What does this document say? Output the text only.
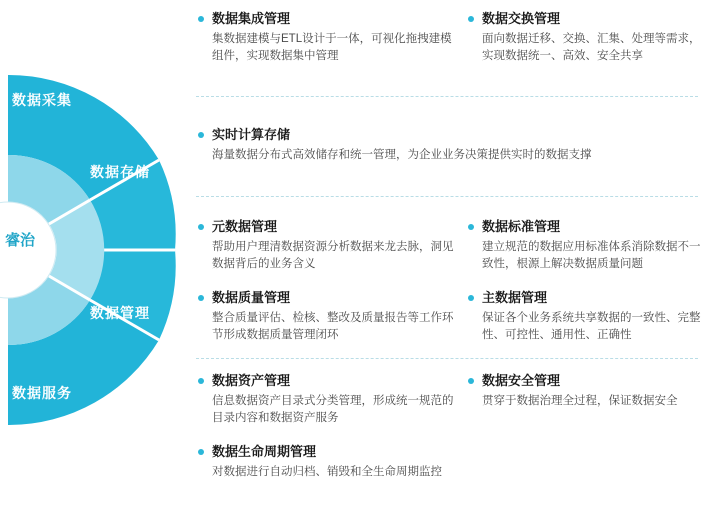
数据采集
数据存储
数据管理
数据服务
睿治
数据集成管理
集数据建模与ETL设计于一体，可视化拖拽建模组件，实现数据集中管理
数据交换管理
面向数据迁移、交换、汇集、处理等需求，实现数据统一、高效、安全共享
实时计算存储
海量数据分布式高效储存和统一管理，为企业业务决策提供实时的数据支撑
元数据管理
帮助用户理清数据资源分析数据来龙去脉，洞见数据背后的业务含义
数据质量管理
整合质量评估、检核、整改及质量报告等工作环节形成数据质量管理闭环
数据标准管理
建立规范的数据应用标准体系消除数据不一致性，根源上解决数据质量问题
主数据管理
保证各个业务系统共享数据的一致性、完整性、可控性、通用性、正确性
数据资产管理
信息数据资产目录式分类管理，形成统一规范的目录内容和数据资产服务
数据生命周期管理
对数据进行自动归档、销毁和全生命周期监控
数据安全管理
贯穿于数据治理全过程，保证数据安全
